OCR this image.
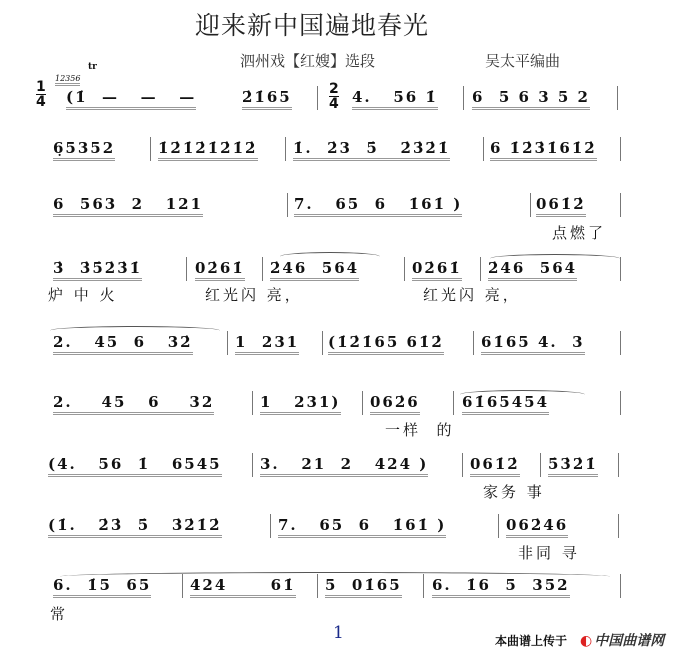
迎来新中国遍地春光
泗州戏【红嫂】选段	吴太平编曲
1
4
12356
tr
2
4
(1̇  —   —   —	2̇1̇65	4.   56 1̇ 6  5 6 3 5 2
6̣5352	1̇2̇1̇2̇1̇2̇1̇2̇ 1̇.  2̇3  5̇   2̇3̇2̇1̇	6 1̇2̇3̇1̇61̇2̇
6  563  2   121	7.   65  6   1̇61̇ )	061̇2̇
点燃了
3̇  3̇5̇2̇3̇1̇	02̇61̇ 2̇46  564	02̇61̇ 2̇46  564
炉 中 火	红光闪 亮，	红光闪 亮，
2.   45  6   32̇	1  231 (1̇2̇1̇65 61̇2̇ 61̇65 4.  3
2.    45   6    32	1   231) 062̇6	61̇65454
一样  的
(4.   56  1̇   6545	3.   21  2   424 )	061̇2̇ 5̇3̇2̇1̇
家务 事
(1̇.   2̇3̇  5̇   3̇2̇1̇2̇	7.   65  6   1̇61̇ )	062̇46
非同 寻
6.  1̇5  65	424      61̇ 5  01̇65 6.  1̇6  5  352
常
1	本曲谱上传于 ◐ 中国曲谱网
